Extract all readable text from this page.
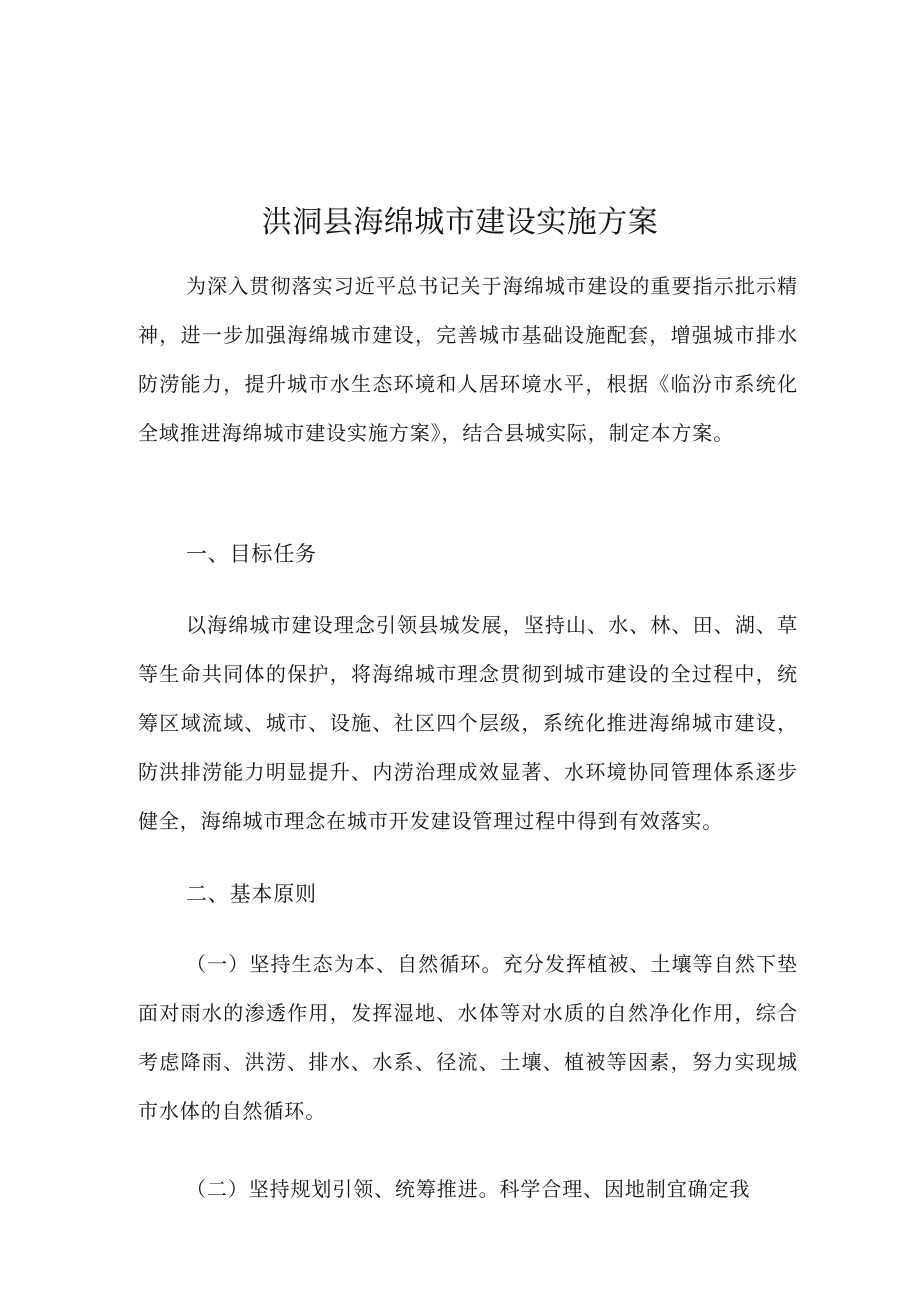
洪洞县海绵城市建设实施方案

为深入贯彻落实习近平总书记关于海绵城市建设的重要指示批示精神，进一步加强海绵城市建设，完善城市基础设施配套，增强城市排水防涝能力，提升城市水生态环境和人居环境水平，根据《临汾市系统化全域推进海绵城市建设实施方案》，结合县城实际，制定本方案。

一、目标任务

以海绵城市建设理念引领县城发展，坚持山、水、林、田、湖、草等生命共同体的保护，将海绵城市理念贯彻到城市建设的全过程中，统筹区域流域、城市、设施、社区四个层级，系统化推进海绵城市建设，防洪排涝能力明显提升、内涝治理成效显著、水环境协同管理体系逐步健全，海绵城市理念在城市开发建设管理过程中得到有效落实。

二、基本原则

（一）坚持生态为本、自然循环。充分发挥植被、土壤等自然下垫面对雨水的渗透作用，发挥湿地、水体等对水质的自然净化作用，综合考虑降雨、洪涝、排水、水系、径流、土壤、植被等因素，努力实现城市水体的自然循环。

（二）坚持规划引领、统筹推进。科学合理、因地制宜确定我
